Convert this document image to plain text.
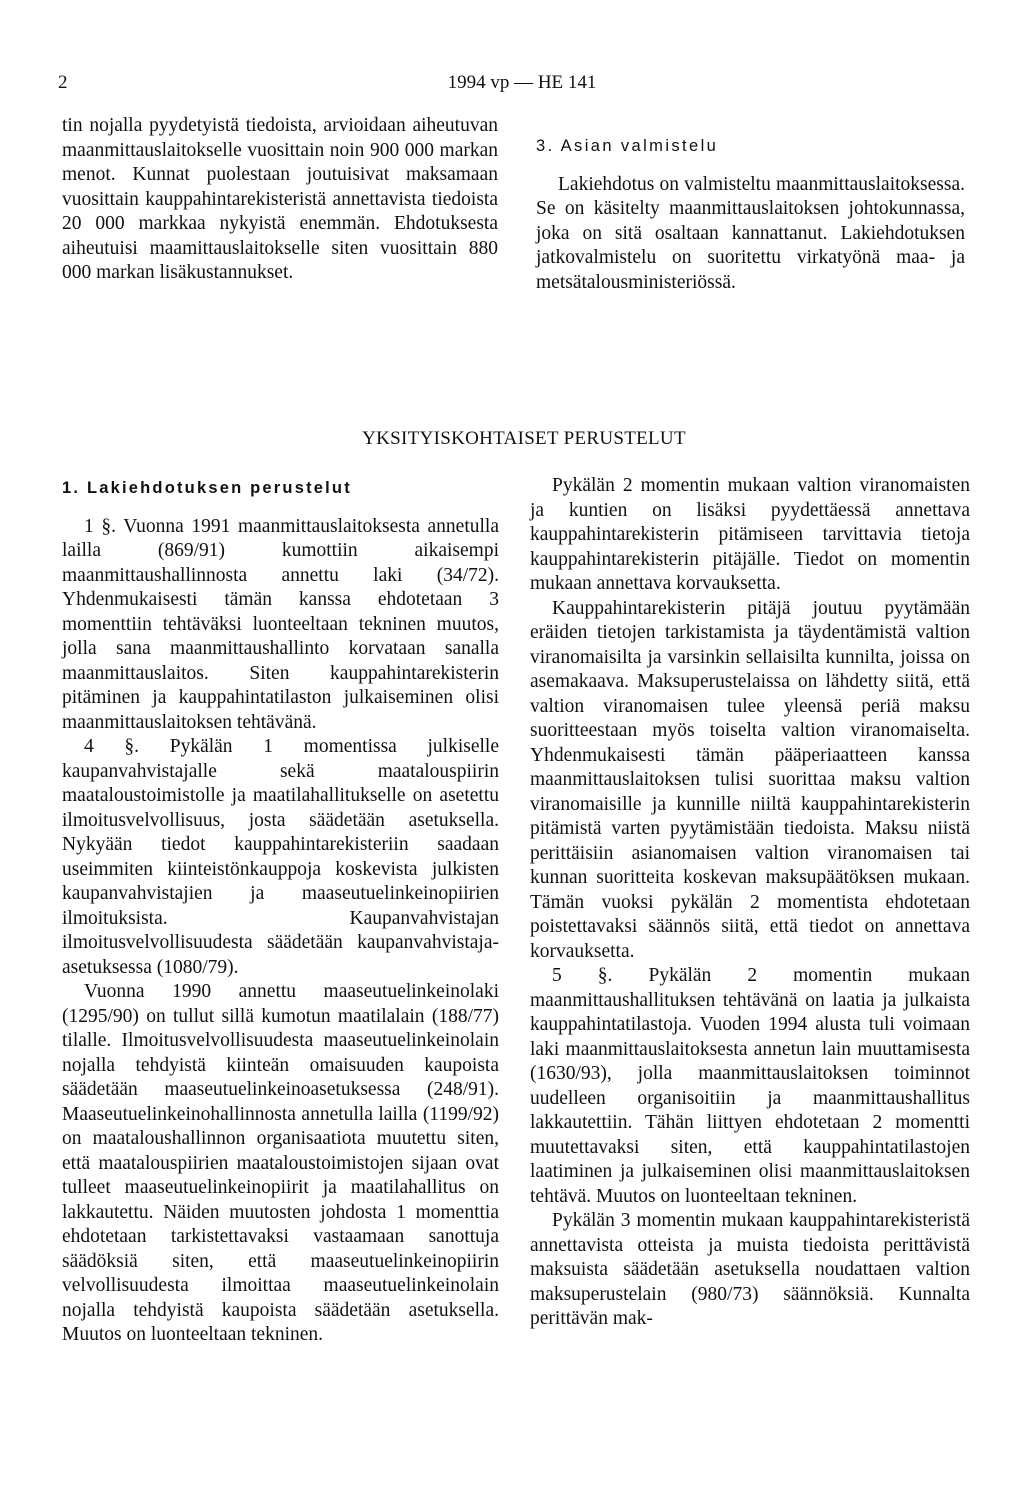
2	1994 vp — HE 141

tin nojalla pyydetyistä tiedoista, arvioidaan aiheutuvan maanmittauslaitokselle vuosittain noin 900 000 markan menot. Kunnat puolestaan joutuisivat maksamaan vuosittain kauppahintarekisteristä annettavista tiedoista 20 000 markkaa nykyistä enemmän. Ehdotuksesta aiheutuisi maamittauslaitokselle siten vuosittain 880 000 markan lisäkustannukset.

3. Asian valmistelu

Lakiehdotus on valmisteltu maanmittauslaitoksessa. Se on käsitelty maanmittauslaitoksen johtokunnassa, joka on sitä osaltaan kannattanut. Lakiehdotuksen jatkovalmistelu on suoritettu virkatyönä maa- ja metsätalousministeriössä.

YKSITYISKOHTAISET PERUSTELUT
1. Lakiehdotuksen perustelut

1 §. Vuonna 1991 maanmittauslaitoksesta annetulla lailla (869/91) kumottiin aikaisempi maanmittaushallinnosta annettu laki (34/72). Yhdenmukaisesti tämän kanssa ehdotetaan 3 momenttiin tehtäväksi luonteeltaan tekninen muutos, jolla sana maanmittaushallinto korvataan sanalla maanmittauslaitos. Siten kauppahintarekisterin pitäminen ja kauppahintatilaston julkaiseminen olisi maanmittauslaitoksen tehtävänä.

4 §. Pykälän 1 momentissa julkiselle kaupanvahvistajalle sekä maatalouspiirin maataloustoimistolle ja maatilahallitukselle on asetettu ilmoitusvelvollisuus, josta säädetään asetuksella. Nykyään tiedot kauppahintarekisteriin saadaan useimmiten kiinteistönkauppoja koskevista julkisten kaupanvahvistajien ja maaseutuelinkeinopiirien ilmoituksista. Kaupanvahvistajan ilmoitusvelvollisuudesta säädetään kaupanvahvistaja-asetuksessa (1080/79).

Vuonna 1990 annettu maaseutuelinkeinolaki (1295/90) on tullut sillä kumotun maatilalain (188/77) tilalle. Ilmoitusvelvollisuudesta maaseutuelinkeinolain nojalla tehdyistä kiinteän omaisuuden kaupoista säädetään maaseutuelinkeinoasetuksessa (248/91). Maaseutuelinkeinohallinnosta annetulla lailla (1199/92) on maataloushallinnon organisaatiota muutettu siten, että maatalouspiirien maataloustoimistojen sijaan ovat tulleet maaseutuelinkeinopiirit ja maatilahallitus on lakkautettu. Näiden muutosten johdosta 1 momenttia ehdotetaan tarkistettavaksi vastaamaan sanottuja säädöksiä siten, että maaseutuelinkeinopiirin velvollisuudesta ilmoittaa maaseutuelinkeinolain nojalla tehdyistä kaupoista säädetään asetuksella. Muutos on luonteeltaan tekninen.

Pykälän 2 momentin mukaan valtion viranomaisten ja kuntien on lisäksi pyydettäessä annettava kauppahintarekisterin pitämiseen tarvittavia tietoja kauppahintarekisterin pitäjälle. Tiedot on momentin mukaan annettava korvauksetta.

Kauppahintarekisterin pitäjä joutuu pyytämään eräiden tietojen tarkistamista ja täydentämistä valtion viranomaisilta ja varsinkin sellaisilta kunnilta, joissa on asemakaava. Maksuperustelaissa on lähdetty siitä, että valtion viranomaisen tulee yleensä periä maksu suoritteestaan myös toiselta valtion viranomaiselta. Yhdenmukaisesti tämän pääperiaatteen kanssa maanmittauslaitoksen tulisi suorittaa maksu valtion viranomaisille ja kunnille niiltä kauppahintarekisterin pitämistä varten pyytämistään tiedoista. Maksu niistä perittäisiin asianomaisen valtion viranomaisen tai kunnan suoritteita koskevan maksupäätöksen mukaan. Tämän vuoksi pykälän 2 momentista ehdotetaan poistettavaksi säännös siitä, että tiedot on annettava korvauksetta.

5 §. Pykälän 2 momentin mukaan maanmittaushallituksen tehtävänä on laatia ja julkaista kauppahintatilastoja. Vuoden 1994 alusta tuli voimaan laki maanmittauslaitoksesta annetun lain muuttamisesta (1630/93), jolla maanmittauslaitoksen toiminnot uudelleen organisoitiin ja maanmittaushallitus lakkautettiin. Tähän liittyen ehdotetaan 2 momentti muutettavaksi siten, että kauppahintatilastojen laatiminen ja julkaiseminen olisi maanmittauslaitoksen tehtävä. Muutos on luonteeltaan tekninen.

Pykälän 3 momentin mukaan kauppahintarekisteristä annettavista otteista ja muista tiedoista perittävistä maksuista säädetään asetuksella noudattaen valtion maksuperustelain (980/73) säännöksiä. Kunnalta perittävän mak-
